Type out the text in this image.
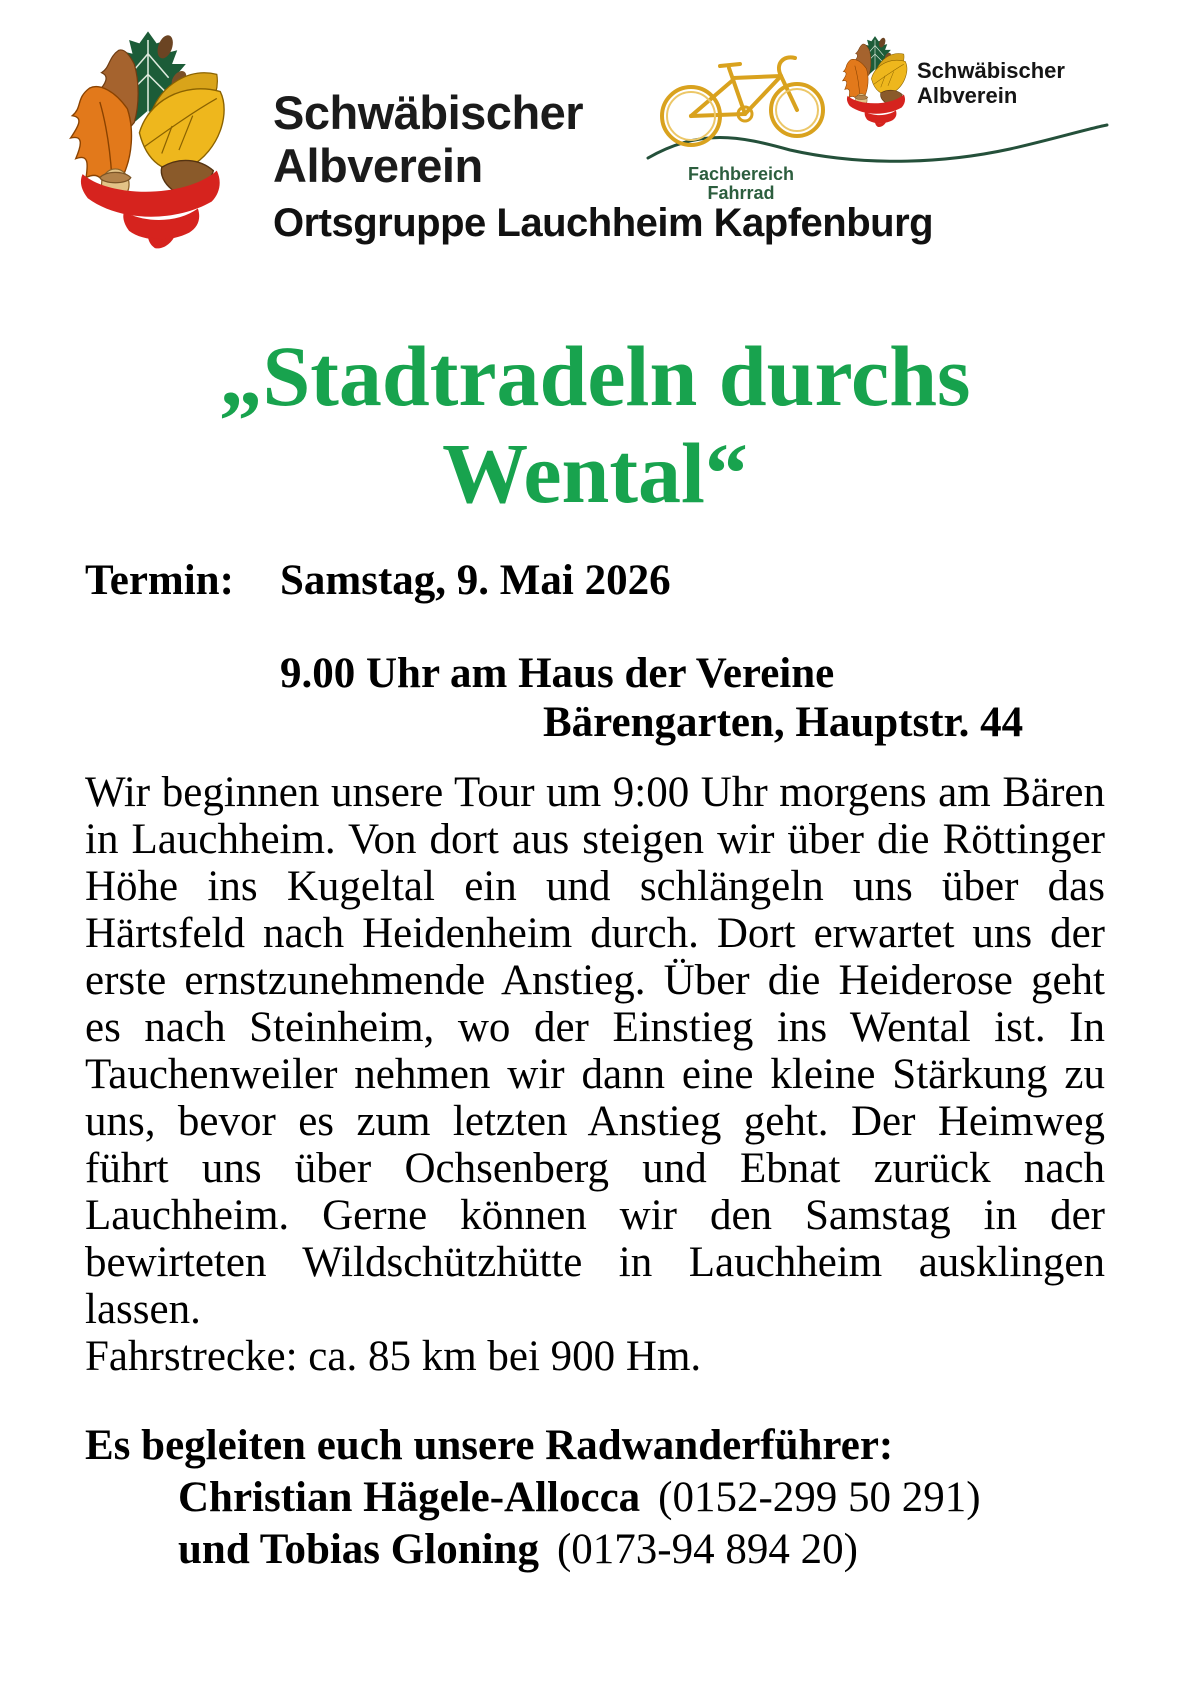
Schwäbischer
Albverein
Ortsgruppe Lauchheim Kapfenburg
Fachbereich
Fahrrad
Schwäbischer
Albverein
„Stadtradeln durchs
Wental“
Termin: Samstag, 9. Mai 2026
9.00 Uhr am Haus der Vereine
Bärengarten, Hauptstr. 44

Wir beginnen unsere Tour um 9:00 Uhr morgens am Bären in Lauchheim. Von dort aus steigen wir über die Röttinger Höhe ins Kugeltal ein und schlängeln uns über das Härtsfeld nach Heidenheim durch. Dort erwartet uns der erste ernstzunehmende Anstieg. Über die Heiderose geht es nach Steinheim, wo der Einstieg ins Wental ist. In Tauchenweiler nehmen wir dann eine kleine Stärkung zu uns, bevor es zum letzten Anstieg geht. Der Heimweg führt uns über Ochsenberg und Ebnat zurück nach Lauchheim. Gerne können wir den Samstag in der bewirteten Wildschützhütte in Lauchheim ausklingen lassen.

Fahrstrecke: ca. 85 km bei 900 Hm.

Es begleiten euch unsere Radwanderführer:
Christian Hägele-Allocca (0152-299 50 291)
und Tobias Gloning (0173-94 894 20)
